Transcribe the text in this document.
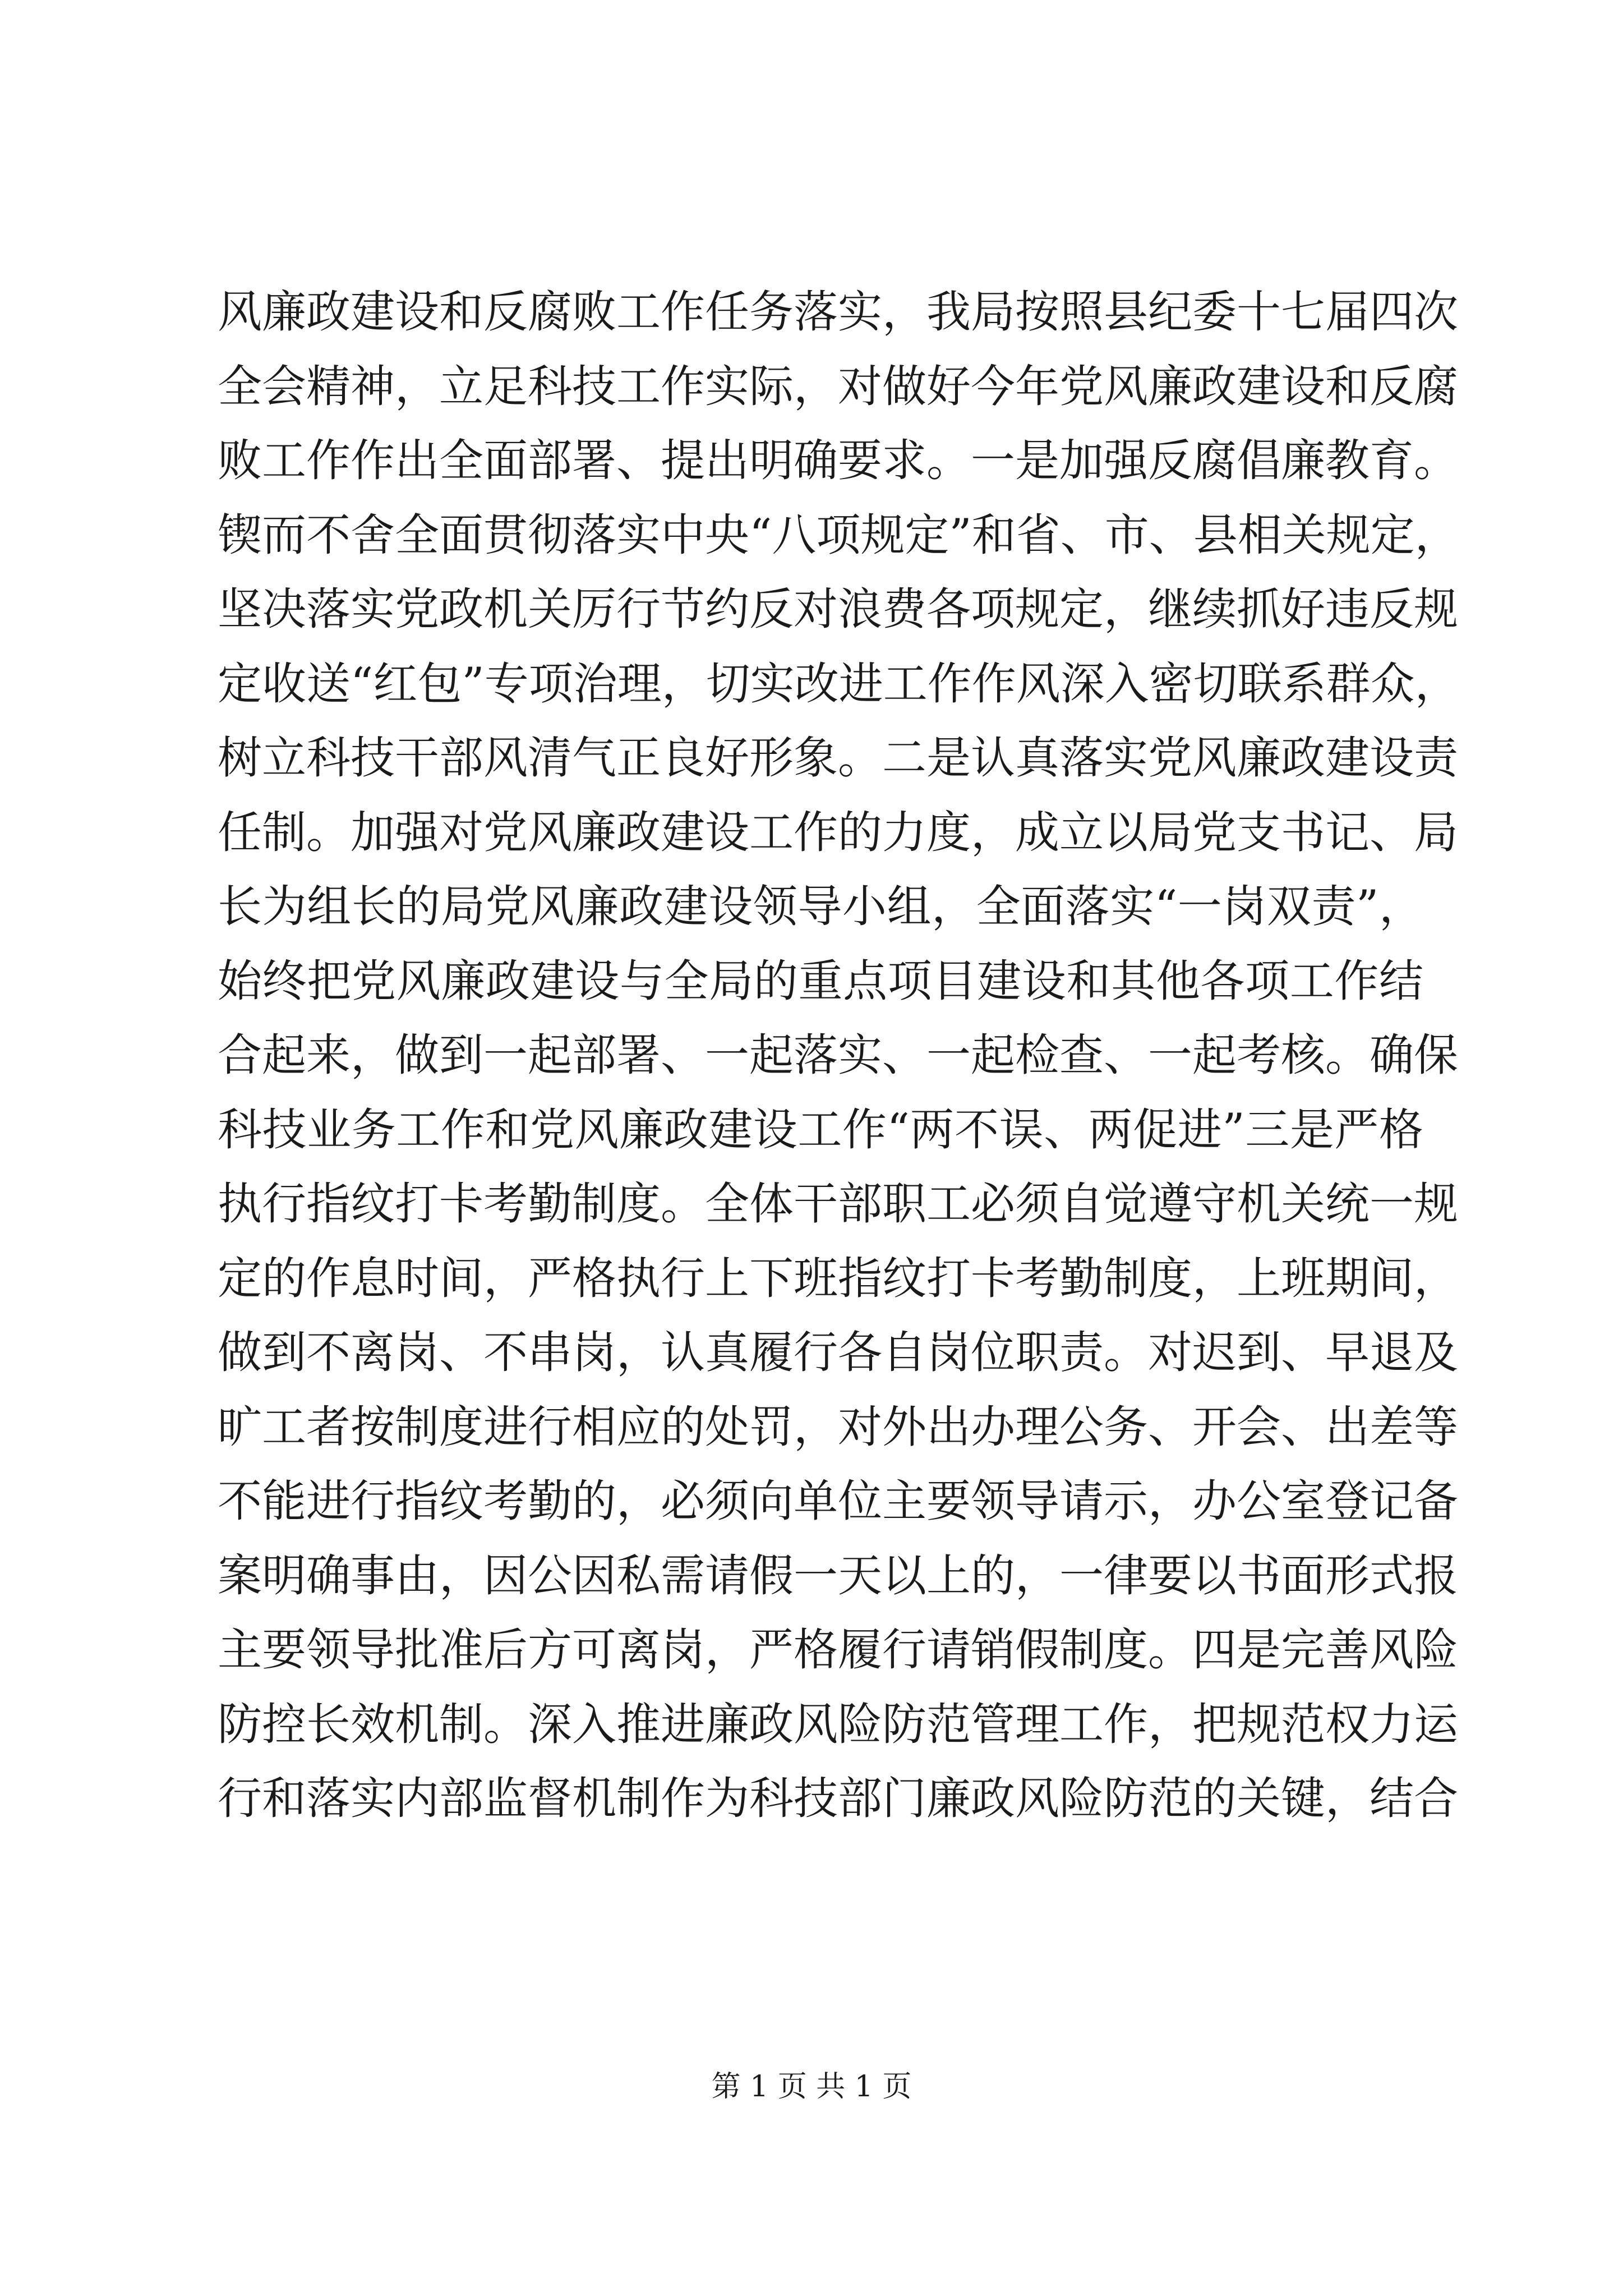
风廉政建设和反腐败工作任务落实，我局按照县纪委十七届四次
全会精神，立足科技工作实际，对做好今年党风廉政建设和反腐
败工作作出全面部署、提出明确要求。一是加强反腐倡廉教育。
锲而不舍全面贯彻落实中央“八项规定”和省、市、县相关规定，
坚决落实党政机关厉行节约反对浪费各项规定，继续抓好违反规
定收送“红包”专项治理，切实改进工作作风深入密切联系群众，
树立科技干部风清气正良好形象。二是认真落实党风廉政建设责
任制。加强对党风廉政建设工作的力度，成立以局党支书记、局
长为组长的局党风廉政建设领导小组，全面落实“一岗双责”，
始终把党风廉政建设与全局的重点项目建设和其他各项工作结
合起来，做到一起部署、一起落实、一起检查、一起考核。确保
科技业务工作和党风廉政建设工作“两不误、两促进”三是严格
执行指纹打卡考勤制度。全体干部职工必须自觉遵守机关统一规
定的作息时间，严格执行上下班指纹打卡考勤制度，上班期间，
做到不离岗、不串岗，认真履行各自岗位职责。对迟到、早退及
旷工者按制度进行相应的处罚，对外出办理公务、开会、出差等
不能进行指纹考勤的，必须向单位主要领导请示，办公室登记备
案明确事由，因公因私需请假一天以上的，一律要以书面形式报
主要领导批准后方可离岗，严格履行请销假制度。四是完善风险
防控长效机制。深入推进廉政风险防范管理工作，把规范权力运
行和落实内部监督机制作为科技部门廉政风险防范的关键，结合
第 1 页 共 1 页
